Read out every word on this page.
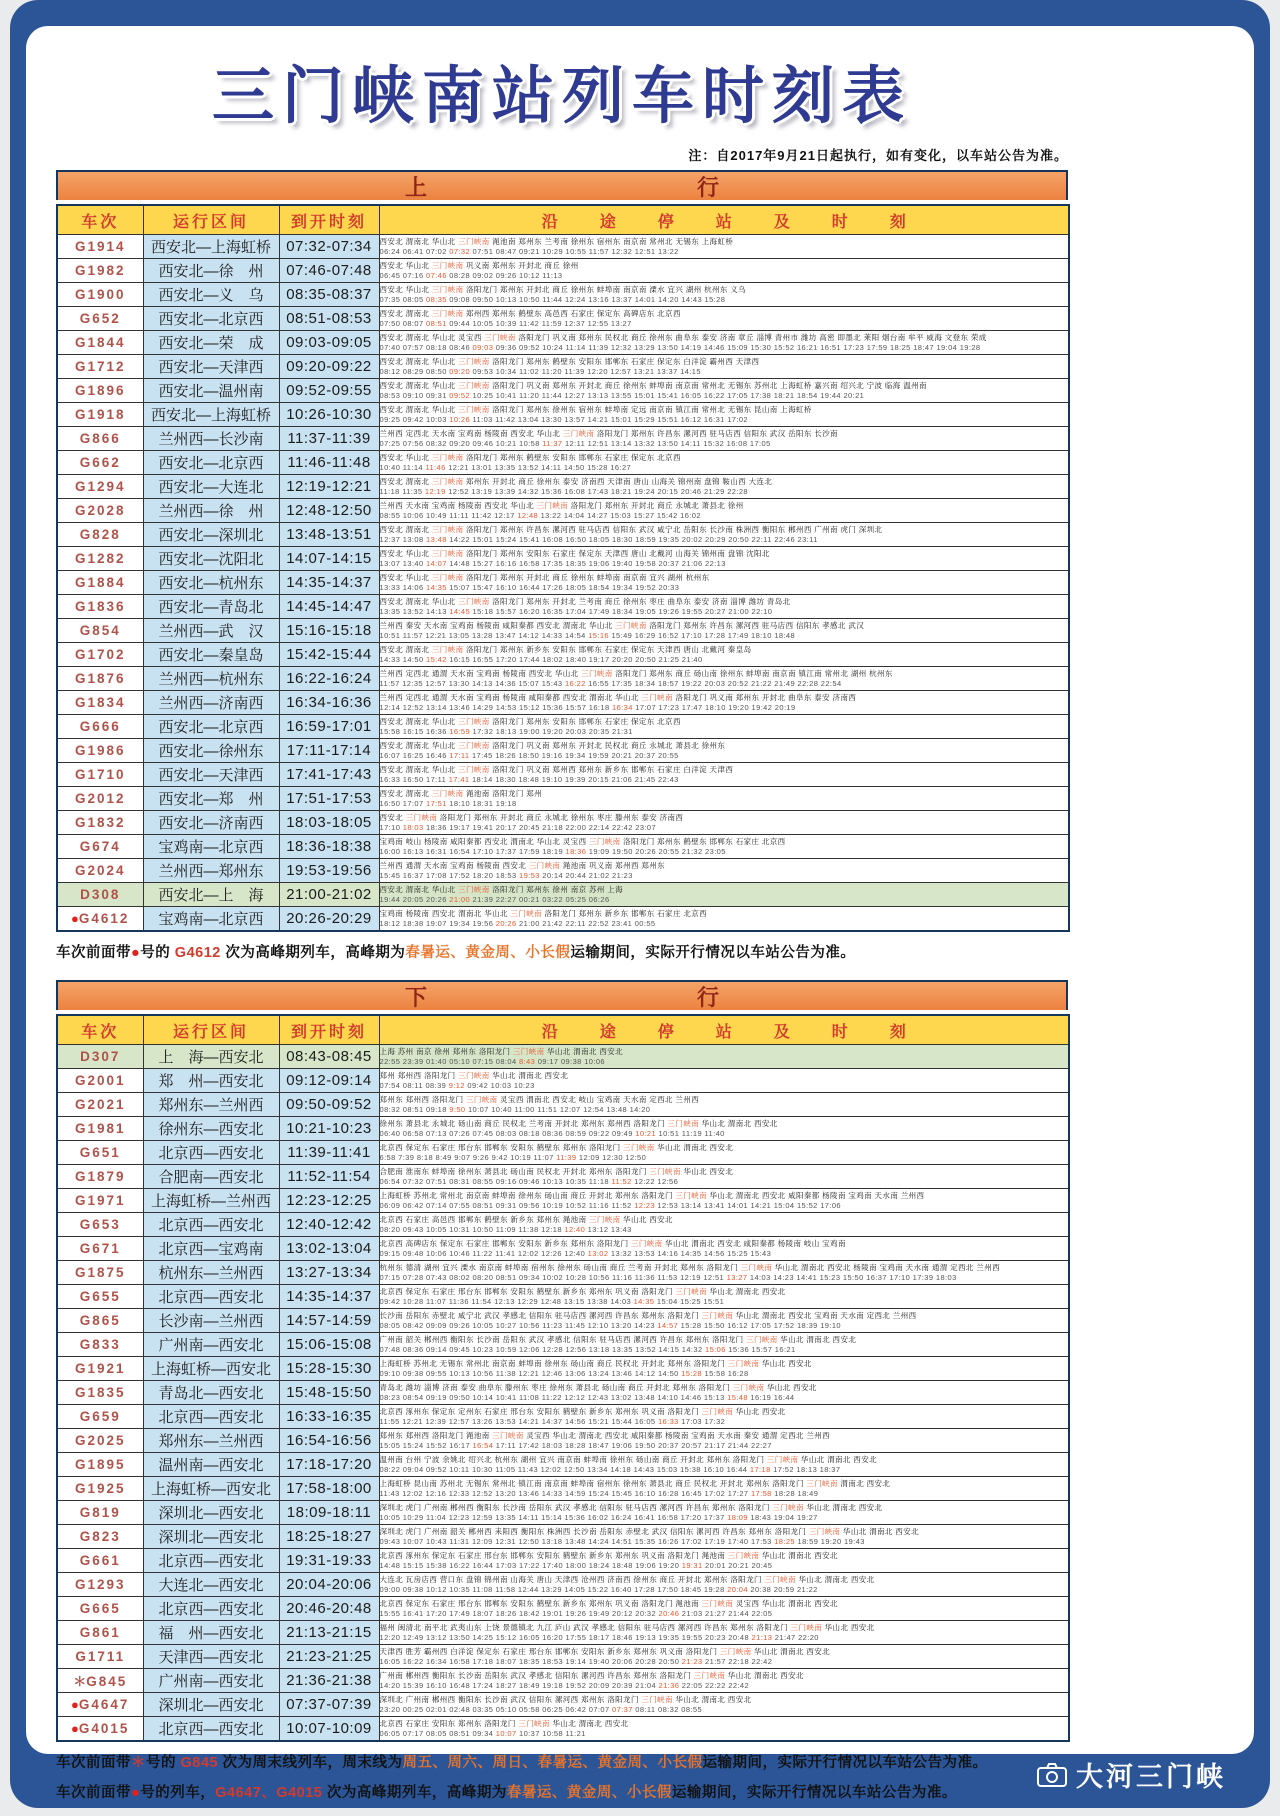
三门峡南站列车时刻表
注：自2017年9月21日起执行，如有变化，以车站公告为准。
上	行
车次	运行区间	到开时刻	沿途停站及时刻
G1914	西安北—上海虹桥	07:32-07:34	西安北 渭南北 华山北 三门峡南 渑池南 郑州东 兰考南 徐州东 宿州东 南京南 常州北 无锡东 上海虹桥
06:24 06:41 07:02 07:32 07:51 08:47 09:21 10:29 10:55 11:57 12:32 12:51 13:22

G1982	西安北—徐　州	07:46-07:48	西安北 华山北 三门峡南 巩义南 郑州东 开封北 商丘 徐州
06:45 07:16 07:46 08:28 09:02 09:26 10:12 11:13

G1900	西安北—义　乌	08:35-08:37	西安北 华山北 三门峡南 洛阳龙门 郑州东 开封北 商丘 徐州东 蚌埠南 南京南 溧水 宜兴 湖州 杭州东 义乌
07:35 08:05 08:35 09:08 09:50 10:13 10:50 11:44 12:24 13:16 13:37 14:01 14:20 14:43 15:28

G652	西安北—北京西	08:51-08:53	西安北 渭南北 三门峡南 郑州西 郑州东 鹤壁东 高邑西 石家庄 保定东 高碑店东 北京西
07:50 08:07 08:51 09:44 10:05 10:39 11:42 11:59 12:37 12:55 13:27

G1844	西安北—荣　成	09:03-09:05	西安北 渭南北 华山北 灵宝西 三门峡南 洛阳龙门 巩义南 郑州东 民权北 商丘 徐州东 曲阜东 泰安 济南 章丘 淄博 青州市 潍坊 高密 即墨北 莱阳 烟台南 牟平 威海 文登东 荣成
07:40 07:57 08:18 08:46 09:03 09:36 09:52 10:24 11:14 11:39 12:32 13:29 13:50 14:19 14:46 15:09 15:30 15:52 16:21 16:51 17:23 17:59 18:25 18:47 19:04 19:28

G1712	西安北—天津西	09:20-09:22	西安北 渭南北 华山北 三门峡南 洛阳龙门 郑州东 鹤壁东 安阳东 邯郸东 石家庄 保定东 白洋淀 霸州西 天津西
08:12 08:29 08:50 09:20 09:53 10:34 11:02 11:20 11:39 12:20 12:57 13:21 13:37 14:15

G1896	西安北—温州南	09:52-09:55	西安北 渭南北 华山北 三门峡南 洛阳龙门 巩义南 郑州东 开封北 商丘 徐州东 蚌埠南 南京南 常州北 无锡东 苏州北 上海虹桥 嘉兴南 绍兴北 宁波 临海 温州南
08:53 09:10 09:31 09:52 10:25 10:41 11:20 11:44 12:27 13:13 13:55 15:01 15:41 16:05 16:22 17:05 17:38 18:21 18:54 19:44 20:21

G1918	西安北—上海虹桥	10:26-10:30	西安北 渭南北 华山北 三门峡南 洛阳龙门 郑州东 徐州东 宿州东 蚌埠南 定远 南京南 镇江南 常州北 无锡东 昆山南 上海虹桥
09:25 09:42 10:03 10:26 11:03 11:42 13:04 13:30 13:57 14:21 15:01 15:29 15:51 16:12 16:31 17:02

G866	兰州西—长沙南	11:37-11:39	兰州西 定西北 天水南 宝鸡南 杨陵南 西安北 华山北 三门峡南 洛阳龙门 郑州东 许昌东 漯河西 驻马店西 信阳东 武汉 岳阳东 长沙南
07:25 07:56 08:32 09:20 09:46 10:21 10:58 11:37 12:11 12:51 13:14 13:32 13:50 14:11 15:32 16:08 17:05

G662	西安北—北京西	11:46-11:48	西安北 华山北 三门峡南 洛阳龙门 郑州东 鹤壁东 安阳东 邯郸东 石家庄 保定东 北京西
10:40 11:14 11:46 12:21 13:01 13:35 13:52 14:11 14:50 15:28 16:27

G1294	西安北—大连北	12:19-12:21	西安北 渭南北 三门峡南 郑州东 开封北 商丘 徐州东 泰安 济南西 天津南 唐山 山海关 锦州南 盘锦 鞍山西 大连北
11:18 11:35 12:19 12:52 13:19 13:39 14:32 15:36 16:08 17:43 18:21 19:24 20:15 20:46 21:29 22:28

G2028	兰州西—徐　州	12:48-12:50	兰州西 天水南 宝鸡南 杨陵南 西安北 华山北 三门峡南 洛阳龙门 郑州东 开封北 商丘 永城北 萧县北 徐州
08:55 10:06 10:49 11:11 11:42 12:17 12:48 13:22 14:04 14:27 15:03 15:27 15:42 16:02

G828	西安北—深圳北	13:48-13:51	西安北 渭南北 三门峡南 洛阳龙门 郑州东 许昌东 漯河西 驻马店西 信阳东 武汉 咸宁北 岳阳东 长沙南 株洲西 衡阳东 郴州西 广州南 虎门 深圳北
12:37 13:08 13:48 14:22 15:01 15:24 15:41 16:08 16:50 18:05 18:30 18:59 19:35 20:02 20:29 20:50 22:11 22:46 23:11

G1282	西安北—沈阳北	14:07-14:15	西安北 华山北 三门峡南 洛阳龙门 郑州东 安阳东 石家庄 保定东 天津西 唐山 北戴河 山海关 锦州南 盘锦 沈阳北
13:07 13:40 14:07 14:48 15:27 16:16 16:58 17:35 18:35 19:06 19:40 19:58 20:37 21:06 22:13

G1884	西安北—杭州东	14:35-14:37	西安北 华山北 三门峡南 洛阳龙门 郑州东 开封北 商丘 徐州东 蚌埠南 南京南 宜兴 湖州 杭州东
13:33 14:06 14:35 15:07 15:47 16:10 16:44 17:26 18:05 18:54 19:34 19:52 20:33

G1836	西安北—青岛北	14:45-14:47	西安北 渭南北 华山北 三门峡南 洛阳龙门 郑州东 开封北 兰考南 商丘 徐州东 枣庄 曲阜东 泰安 济南 淄博 潍坊 青岛北
13:35 13:52 14:13 14:45 15:18 15:57 16:20 16:35 17:04 17:49 18:34 19:05 19:26 19:55 20:27 21:00 22:10

G854	兰州西—武　汉	15:16-15:18	兰州西 秦安 天水南 宝鸡南 杨陵南 咸阳秦都 西安北 渭南北 华山北 三门峡南 洛阳龙门 郑州东 许昌东 漯河西 驻马店西 信阳东 孝感北 武汉
10:51 11:57 12:21 13:05 13:28 13:47 14:12 14:33 14:54 15:16 15:49 16:29 16:52 17:10 17:28 17:49 18:10 18:48

G1702	西安北—秦皇岛	15:42-15:44	西安北 渭南北 三门峡南 洛阳龙门 郑州东 新乡东 安阳东 邯郸东 石家庄 保定东 天津西 唐山 北戴河 秦皇岛
14:33 14:50 15:42 16:15 16:55 17:20 17:44 18:02 18:40 19:17 20:20 20:50 21:25 21:40

G1876	兰州西—杭州东	16:22-16:24	兰州西 定西北 通渭 天水南 宝鸡南 杨陵南 西安北 华山北 三门峡南 洛阳龙门 郑州东 商丘 砀山南 徐州东 蚌埠南 南京南 镇江南 常州北 湖州 杭州东
11:57 12:35 12:57 13:30 14:13 14:36 15:07 15:43 16:22 16:55 17:35 18:34 18:57 19:22 20:03 20:52 21:22 21:49 22:28 22:54

G1834	兰州西—济南西	16:34-16:36	兰州西 定西北 通渭 天水南 宝鸡南 杨陵南 咸阳秦都 西安北 渭南北 华山北 三门峡南 洛阳龙门 巩义南 郑州东 开封北 曲阜东 泰安 济南西
12:14 12:52 13:14 13:46 14:29 14:53 15:12 15:36 15:57 16:18 16:34 17:07 17:23 17:47 18:10 19:20 19:42 20:19

G666	西安北—北京西	16:59-17:01	西安北 渭南北 华山北 三门峡南 洛阳龙门 郑州东 安阳东 邯郸东 石家庄 保定东 北京西
15:58 16:15 16:36 16:59 17:32 18:13 19:00 19:20 20:03 20:35 21:31

G1986	西安北—徐州东	17:11-17:14	西安北 渭南北 华山北 三门峡南 洛阳龙门 巩义南 郑州东 开封北 民权北 商丘 永城北 萧县北 徐州东
16:07 16:25 16:46 17:11 17:45 18:26 18:50 19:16 19:34 19:59 20:21 20:37 20:55

G1710	西安北—天津西	17:41-17:43	西安北 渭南北 华山北 三门峡南 洛阳龙门 巩义南 郑州西 郑州东 新乡东 邯郸东 石家庄 白洋淀 天津西
16:33 16:50 17:11 17:41 18:14 18:30 18:48 19:10 19:39 20:15 21:06 21:45 22:43

G2012	西安北—郑　州	17:51-17:53	西安北 渭南北 三门峡南 渑池南 洛阳龙门 郑州
16:50 17:07 17:51 18:10 18:31 19:18

G1832	西安北—济南西	18:03-18:05	西安北 三门峡南 洛阳龙门 郑州东 开封北 商丘 永城北 徐州东 枣庄 滕州东 泰安 济南西
17:10 18:03 18:36 19:17 19:41 20:17 20:45 21:18 22:00 22:14 22:42 23:07

G674	宝鸡南—北京西	18:36-18:38	宝鸡南 岐山 杨陵南 咸阳秦都 西安北 渭南北 华山北 灵宝西 三门峡南 洛阳龙门 郑州东 鹤壁东 邯郸东 石家庄 北京西
16:00 16:13 16:31 16:54 17:10 17:37 17:59 18:19 18:36 19:09 19:50 20:26 20:55 21:32 23:05

G2024	兰州西—郑州东	19:53-19:56	兰州西 通渭 天水南 宝鸡南 杨陵南 西安北 三门峡南 渑池南 巩义南 郑州西 郑州东
15:45 16:37 17:08 17:52 18:20 18:53 19:53 20:14 20:44 21:02 21:23

D308	西安北—上　海	21:00-21:02	西安北 渭南北 华山北 三门峡南 洛阳龙门 郑州东 徐州 南京 苏州 上海
19:44 20:05 20:26 21:00 21:39 22:27 00:21 03:22 05:25 06:26

●G4612	宝鸡南—北京西	20:26-20:29	宝鸡南 杨陵南 西安北 渭南北 华山北 三门峡南 洛阳龙门 郑州东 新乡东 邯郸东 石家庄 北京西
18:12 18:38 19:07 19:34 19:56 20:26 21:00 21:42 22:11 22:52 23:41 00:55
车次前面带●号的 G4612 次为高峰期列车，高峰期为春暑运、黄金周、小长假运输期间，实际开行情况以车站公告为准。
下	行
车次	运行区间	到开时刻	沿途停站及时刻
D307	上　海—西安北	08:43-08:45	上海 苏州 南京 徐州 郑州东 洛阳龙门 三门峡南 华山北 渭南北 西安北
22:55 23:39 01:40 05:10 07:15 08:04 8:43 09:17 09:38 10:06

G2001	郑　州—西安北	09:12-09:14	郑州 郑州西 洛阳龙门 三门峡南 华山北 渭南北 西安北
07:54 08:11 08:39 9:12 09:42 10:03 10:23

G2021	郑州东—兰州西	09:50-09:52	郑州东 郑州西 洛阳龙门 三门峡南 灵宝西 渭南北 西安北 岐山 宝鸡南 天水南 定西北 兰州西
08:32 08:51 09:18 9:50 10:07 10:40 11:00 11:51 12:07 12:54 13:48 14:20

G1981	徐州东—西安北	10:21-10:23	徐州东 萧县北 永城北 砀山南 商丘 民权北 兰考南 开封北 郑州东 郑州西 洛阳龙门 三门峡南 华山北 渭南北 西安北
06:40 06:58 07:13 07:26 07:45 08:03 08:18 08:36 08:59 09:22 09:49 10:21 10:51 11:19 11:40

G651	北京西—西安北	11:39-11:41	北京西 保定东 石家庄 邢台东 邯郸东 安阳东 鹤壁东 郑州东 洛阳龙门 三门峡南 华山北 渭南北 西安北
6:58 7:39 8:18 8:49 9:07 9:26 9:42 10:19 11:07 11:39 12:09 12:30 12:50

G1879	合肥南—西安北	11:52-11:54	合肥南 淮南东 蚌埠南 徐州东 萧县北 砀山南 民权北 开封北 郑州东 洛阳龙门 三门峡南 华山北 西安北
06:54 07:32 07:51 08:31 08:55 09:16 09:46 10:13 10:35 11:18 11:52 12:22 12:56

G1971	上海虹桥—兰州西	12:23-12:25	上海虹桥 苏州北 常州北 南京南 蚌埠南 徐州东 砀山南 商丘 开封北 郑州东 洛阳龙门 三门峡南 华山北 渭南北 西安北 咸阳秦都 杨陵南 宝鸡南 天水南 兰州西
06:09 06:42 07:14 07:55 08:51 09:31 09:56 10:19 10:52 11:16 11:52 12:23 12:53 13:14 13:41 14:01 14:21 15:04 15:52 17:06

G653	北京西—西安北	12:40-12:42	北京西 石家庄 高邑西 邯郸东 鹤壁东 新乡东 郑州东 渑池南 三门峡南 华山北 西安北
08:20 09:43 10:05 10:31 10:50 11:09 11:38 12:18 12:40 13:12 13:43

G671	北京西—宝鸡南	13:02-13:04	北京西 高碑店东 保定东 石家庄 邯郸东 安阳东 新乡东 郑州东 洛阳龙门 三门峡南 华山北 渭南北 西安北 咸阳秦都 杨陵南 岐山 宝鸡南
09:15 09:48 10:06 10:46 11:22 11:41 12:02 12:26 12:40 13:02 13:32 13:53 14:16 14:35 14:56 15:25 15:43

G1875	杭州东—兰州西	13:27-13:34	杭州东 德清 湖州 宜兴 溧水 南京南 蚌埠南 宿州东 徐州东 砀山南 商丘 兰考南 开封北 郑州东 洛阳龙门 三门峡南 华山北 渭南北 西安北 杨陵南 宝鸡南 天水南 通渭 定西北 兰州西
07:15 07:28 07:43 08:02 08:20 08:51 09:34 10:02 10:28 10:56 11:16 11:36 11:53 12:19 12:51 13:27 14:03 14:23 14:41 15:23 15:50 16:37 17:10 17:39 18:03

G655	北京西—西安北	14:35-14:37	北京西 保定东 石家庄 邢台东 邯郸东 安阳东 鹤壁东 新乡东 郑州东 巩义南 洛阳龙门 三门峡南 华山北 渭南北 西安北
09:42 10:28 11:07 11:36 11:54 12:13 12:29 12:48 13:15 13:38 14:03 14:35 15:04 15:25 15:51

G865	长沙南—兰州西	14:57-14:59	长沙南 岳阳东 赤壁北 咸宁北 武汉 孝感北 信阳东 驻马店西 漯河西 许昌东 郑州东 洛阳龙门 三门峡南 华山北 渭南北 西安北 宝鸡南 天水南 定西北 兰州西
08:05 08:42 09:09 09:26 10:05 10:27 10:56 11:23 11:45 12:10 13:20 14:23 14:57 15:28 15:50 16:12 17:05 17:52 18:39 19:10

G833	广州南—西安北	15:06-15:08	广州南 韶关 郴州西 衡阳东 长沙南 岳阳东 武汉 孝感北 信阳东 驻马店西 漯河西 许昌东 郑州东 洛阳龙门 三门峡南 华山北 渭南北 西安北
07:48 08:36 09:14 09:45 10:23 10:59 12:06 12:28 12:56 13:18 13:35 13:52 14:15 14:32 15:06 15:36 15:57 16:21

G1921	上海虹桥—西安北	15:28-15:30	上海虹桥 苏州北 无锡东 常州北 南京南 蚌埠南 徐州东 砀山南 商丘 民权北 开封北 郑州东 洛阳龙门 三门峡南 华山北 西安北
09:10 09:38 09:55 10:13 10:56 11:38 12:21 12:46 13:06 13:24 13:46 14:12 14:50 15:28 15:58 16:28

G1835	青岛北—西安北	15:48-15:50	青岛北 潍坊 淄博 济南 泰安 曲阜东 滕州东 枣庄 徐州东 萧县北 砀山南 商丘 开封北 郑州东 洛阳龙门 三门峡南 华山北 西安北
08:23 08:54 09:19 09:50 10:14 10:41 11:08 11:22 12:12 12:43 13:02 13:48 14:10 14:46 15:13 15:48 16:19 16:44

G659	北京西—西安北	16:33-16:35	北京西 涿州东 保定东 定州东 石家庄 邢台东 安阳东 鹤壁东 新乡东 郑州东 巩义南 洛阳龙门 三门峡南 华山北 西安北
11:55 12:21 12:39 12:57 13:26 13:53 14:21 14:37 14:56 15:21 15:44 16:05 16:33 17:03 17:32

G2025	郑州东—兰州西	16:54-16:56	郑州东 郑州西 洛阳龙门 渑池南 三门峡南 灵宝西 华山北 渭南北 西安北 咸阳秦都 杨陵南 宝鸡南 天水南 秦安 通渭 定西北 兰州西
15:05 15:24 15:52 16:17 16:54 17:11 17:42 18:03 18:28 18:47 19:06 19:50 20:37 20:57 21:17 21:44 22:27

G1895	温州南—西安北	17:18-17:20	温州南 台州 宁波 余姚北 绍兴北 杭州东 湖州 宜兴 南京南 蚌埠南 徐州东 砀山南 商丘 开封北 郑州东 洛阳龙门 三门峡南 华山北 渭南北 西安北
08:22 09:04 09:52 10:11 10:30 11:05 11:43 12:02 12:50 13:34 14:18 14:43 15:03 15:38 16:10 16:44 17:18 17:52 18:13 18:37

G1925	上海虹桥—西安北	17:58-18:00	上海虹桥 昆山南 苏州北 无锡东 常州北 镇江南 南京南 蚌埠南 宿州东 徐州东 萧县北 商丘 民权北 开封北 郑州东 洛阳龙门 三门峡南 渭南北 西安北
11:43 12:02 12:16 12:33 12:52 13:20 13:46 14:33 14:59 15:24 15:45 16:10 16:28 16:45 17:02 17:27 17:58 18:28 18:49

G819	深圳北—西安北	18:09-18:11	深圳北 虎门 广州南 郴州西 衡阳东 长沙南 岳阳东 武汉 孝感北 信阳东 驻马店西 漯河西 许昌东 郑州东 洛阳龙门 三门峡南 华山北 渭南北 西安北
10:05 10:29 11:04 12:23 12:59 13:35 14:11 15:14 15:36 16:02 16:24 16:41 16:58 17:20 17:37 18:09 18:43 19:04 19:27

G823	深圳北—西安北	18:25-18:27	深圳北 虎门 广州南 韶关 郴州西 耒阳西 衡阳东 株洲西 长沙南 岳阳东 赤壁北 武汉 信阳东 漯河西 许昌东 郑州东 洛阳龙门 三门峡南 华山北 渭南北 西安北
09:43 10:07 10:43 11:31 12:09 12:31 12:50 13:18 13:48 14:24 14:51 15:35 16:26 17:02 17:19 17:40 17:53 18:25 18:59 19:20 19:43

G661	北京西—西安北	19:31-19:33	北京西 涿州东 保定东 石家庄 邢台东 邯郸东 安阳东 鹤壁东 新乡东 郑州东 巩义南 洛阳龙门 渑池南 三门峡南 华山北 渭南北 西安北
14:48 15:15 15:38 16:22 16:44 17:03 17:22 17:40 18:00 18:24 18:48 19:06 19:20 19:31 20:01 20:21 20:45

G1293	大连北—西安北	20:04-20:06	大连北 瓦房店西 营口东 盘锦 锦州南 山海关 唐山 天津西 沧州西 济南西 徐州东 商丘 开封北 郑州东 洛阳龙门 三门峡南 华山北 渭南北 西安北
09:00 09:38 10:12 10:35 11:08 11:58 12:44 13:29 14:05 15:22 16:40 17:28 17:50 18:45 19:28 20:04 20:38 20:59 21:22

G665	北京西—西安北	20:46-20:48	北京西 保定东 石家庄 邢台东 邯郸东 安阳东 鹤壁东 新乡东 郑州东 巩义南 洛阳龙门 渑池南 三门峡南 灵宝西 华山北 渭南北 西安北
15:55 16:41 17:20 17:49 18:07 18:26 18:42 19:01 19:26 19:49 20:12 20:32 20:46 21:03 21:27 21:44 22:05

G861	福　州—西安北	21:13-21:15	福州 闽清北 南平北 武夷山东 上饶 景德镇北 九江 庐山 武汉 孝感北 信阳东 驻马店西 漯河西 许昌东 郑州东 洛阳龙门 三门峡南 华山北 西安北
12:20 12:49 13:12 13:50 14:25 15:12 16:05 16:20 17:55 18:17 18:46 19:13 19:35 19:55 20:23 20:48 21:13 21:47 22:20

G1711	天津西—西安北	21:23-21:25	天津西 胜芳 霸州西 白洋淀 保定东 石家庄 邢台东 邯郸东 安阳东 新乡东 郑州东 巩义南 洛阳龙门 三门峡南 华山北 渭南北 西安北
16:05 16:22 16:34 16:58 17:18 18:07 18:35 18:53 19:14 19:40 20:06 20:28 20:50 21:23 21:57 22:18 22:42

＊G845	广州南—西安北	21:36-21:38	广州南 郴州西 衡阳东 长沙南 岳阳东 武汉 孝感北 信阳东 漯河西 许昌东 郑州东 洛阳龙门 三门峡南 华山北 渭南北 西安北
14:20 15:39 16:10 16:48 17:24 18:27 18:49 19:18 19:52 20:09 20:39 21:04 21:36 22:05 22:22 22:42

●G4647	深圳北—西安北	07:37-07:39	深圳北 广州南 郴州西 衡阳东 长沙南 武汉 信阳东 漯河西 郑州东 洛阳龙门 三门峡南 华山北 渭南北 西安北
23:20 00:25 02:01 02:48 03:35 05:10 05:58 06:25 06:42 07:07 07:37 08:11 08:32 08:55

●G4015	北京西—西安北	10:07-10:09	北京西 石家庄 安阳东 郑州东 洛阳龙门 三门峡南 华山北 渭南北 西安北
06:05 07:17 08:05 08:51 09:34 10:07 10:37 10:58 11:21
车次前面带＊号的 G845 次为周末线列车，周末线为周五、周六、周日、春暑运、黄金周、小长假运输期间，实际开行情况以车站公告为准。
车次前面带●号的列车，G4647、G4015 次为高峰期列车，高峰期为春暑运、黄金周、小长假运输期间，实际开行情况以车站公告为准。
大河三门峡
